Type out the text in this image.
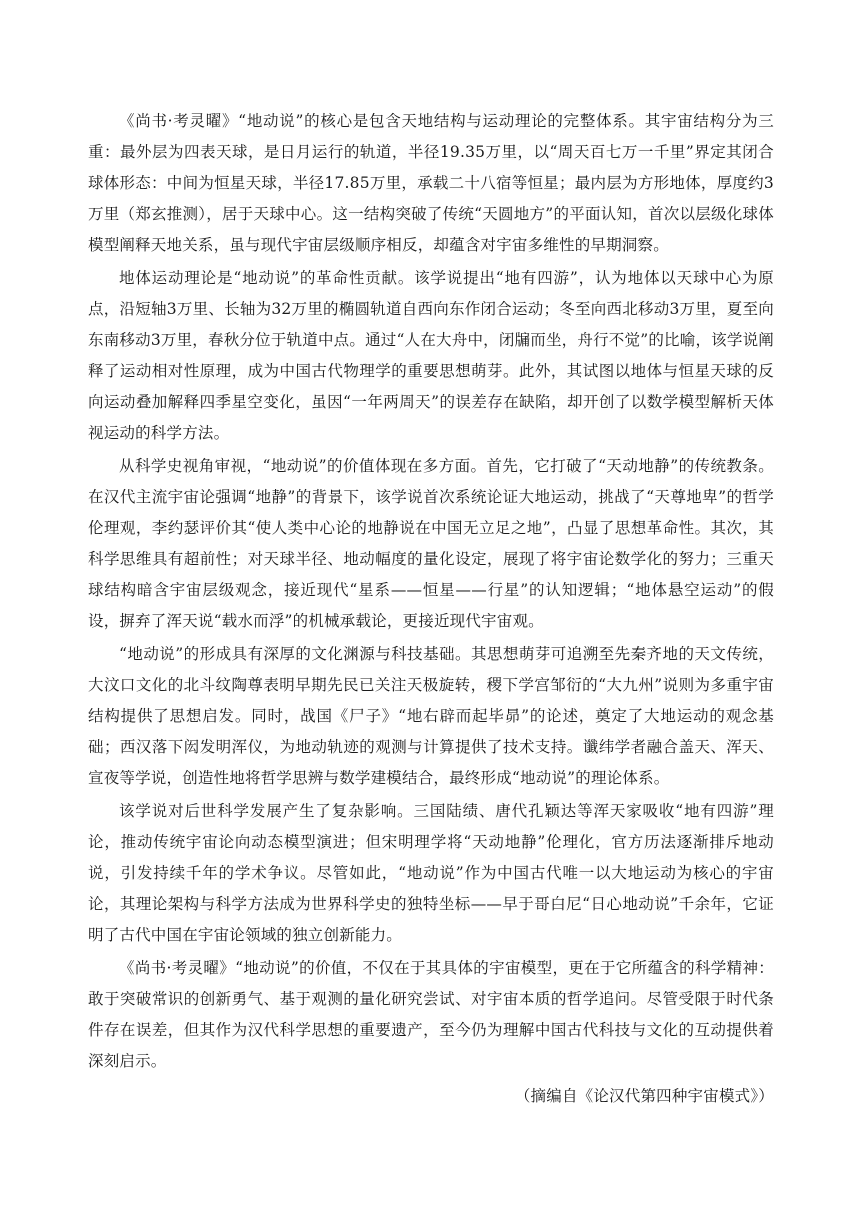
《尚书·考灵曜》“地动说”的核心是包含天地结构与运动理论的完整体系。其宇宙结构分为三重：最外层为四表天球，是日月运行的轨道，半径19.35万里，以“周天百七万一千里”界定其闭合球体形态：中间为恒星天球，半径17.85万里，承载二十八宿等恒星；最内层为方形地体，厚度约3万里（郑玄推测），居于天球中心。这一结构突破了传统“天圆地方”的平面认知，首次以层级化球体模型阐释天地关系，虽与现代宇宙层级顺序相反，却蕴含对宇宙多维性的早期洞察。

地体运动理论是“地动说”的革命性贡献。该学说提出“地有四游”，认为地体以天球中心为原点，沿短轴3万里、长轴为32万里的椭圆轨道自西向东作闭合运动；冬至向西北移动3万里，夏至向东南移动3万里，春秋分位于轨道中点。通过“人在大舟中，闭牖而坐，舟行不觉”的比喻，该学说阐释了运动相对性原理，成为中国古代物理学的重要思想萌芽。此外，其试图以地体与恒星天球的反向运动叠加解释四季星空变化，虽因“一年两周天”的误差存在缺陷，却开创了以数学模型解析天体视运动的科学方法。

从科学史视角审视，“地动说”的价值体现在多方面。首先，它打破了“天动地静”的传统教条。在汉代主流宇宙论强调“地静”的背景下，该学说首次系统论证大地运动，挑战了“天尊地卑”的哲学伦理观，李约瑟评价其“使人类中心论的地静说在中国无立足之地”，凸显了思想革命性。其次，其科学思维具有超前性；对天球半径、地动幅度的量化设定，展现了将宇宙论数学化的努力；三重天球结构暗含宇宙层级观念，接近现代“星系——恒星——行星”的认知逻辑；“地体悬空运动”的假设，摒弃了浑天说“载水而浮”的机械承载论，更接近现代宇宙观。

“地动说”的形成具有深厚的文化渊源与科技基础。其思想萌芽可追溯至先秦齐地的天文传统，大汶口文化的北斗纹陶尊表明早期先民已关注天极旋转，稷下学宫邹衍的“大九州”说则为多重宇宙结构提供了思想启发。同时，战国《尸子》“地右辟而起毕昴”的论述，奠定了大地运动的观念基础；西汉落下闳发明浑仪，为地动轨迹的观测与计算提供了技术支持。谶纬学者融合盖天、浑天、宣夜等学说，创造性地将哲学思辨与数学建模结合，最终形成“地动说”的理论体系。

该学说对后世科学发展产生了复杂影响。三国陆绩、唐代孔颖达等浑天家吸收“地有四游”理论，推动传统宇宙论向动态模型演进；但宋明理学将“天动地静”伦理化，官方历法逐渐排斥地动说，引发持续千年的学术争议。尽管如此，“地动说”作为中国古代唯一以大地运动为核心的宇宙论，其理论架构与科学方法成为世界科学史的独特坐标——早于哥白尼“日心地动说”千余年，它证明了古代中国在宇宙论领域的独立创新能力。

《尚书·考灵曜》“地动说”的价值，不仅在于其具体的宇宙模型，更在于它所蕴含的科学精神：敢于突破常识的创新勇气、基于观测的量化研究尝试、对宇宙本质的哲学追问。尽管受限于时代条件存在误差，但其作为汉代科学思想的重要遗产，至今仍为理解中国古代科技与文化的互动提供着深刻启示。

（摘编自《论汉代第四种宇宙模式》）
